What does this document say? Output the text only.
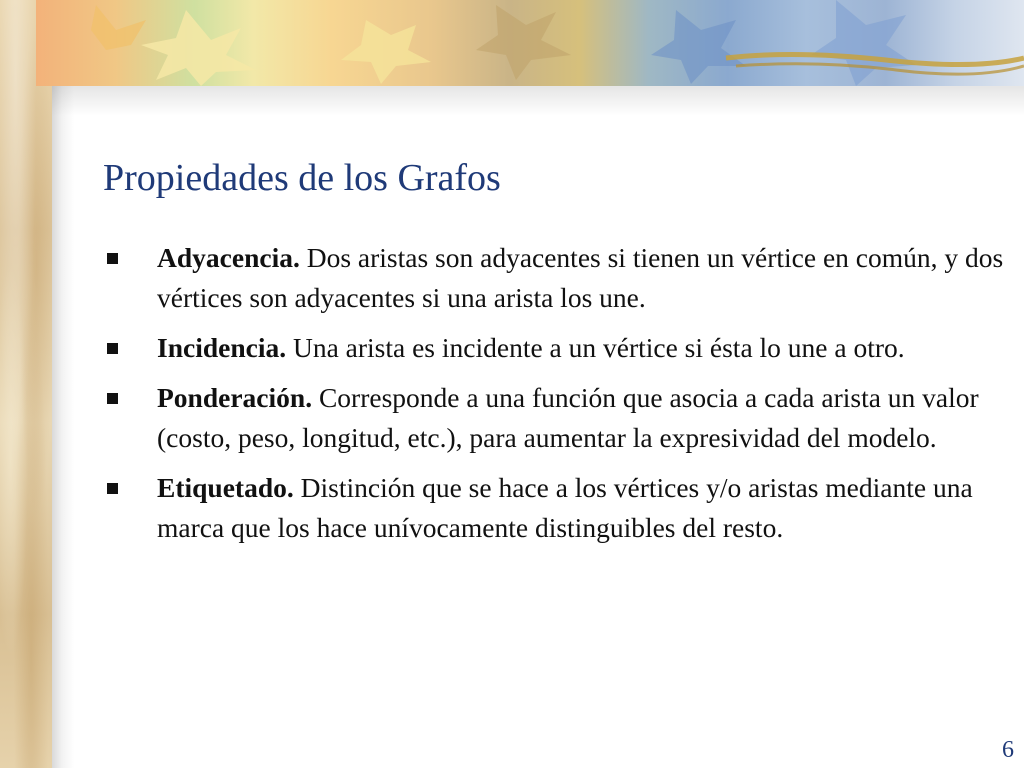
Propiedades de los Grafos
Adyacencia. Dos aristas son adyacentes si tienen un vértice en común, y dos vértices son adyacentes si una arista los une.
Incidencia. Una arista es incidente a un vértice si ésta lo une a otro.
Ponderación. Corresponde a una función que asocia a cada arista un valor (costo, peso, longitud, etc.), para aumentar la expresividad del modelo.
Etiquetado. Distinción que se hace a los vértices y/o aristas mediante una marca que los hace unívocamente distinguibles del resto.
6
